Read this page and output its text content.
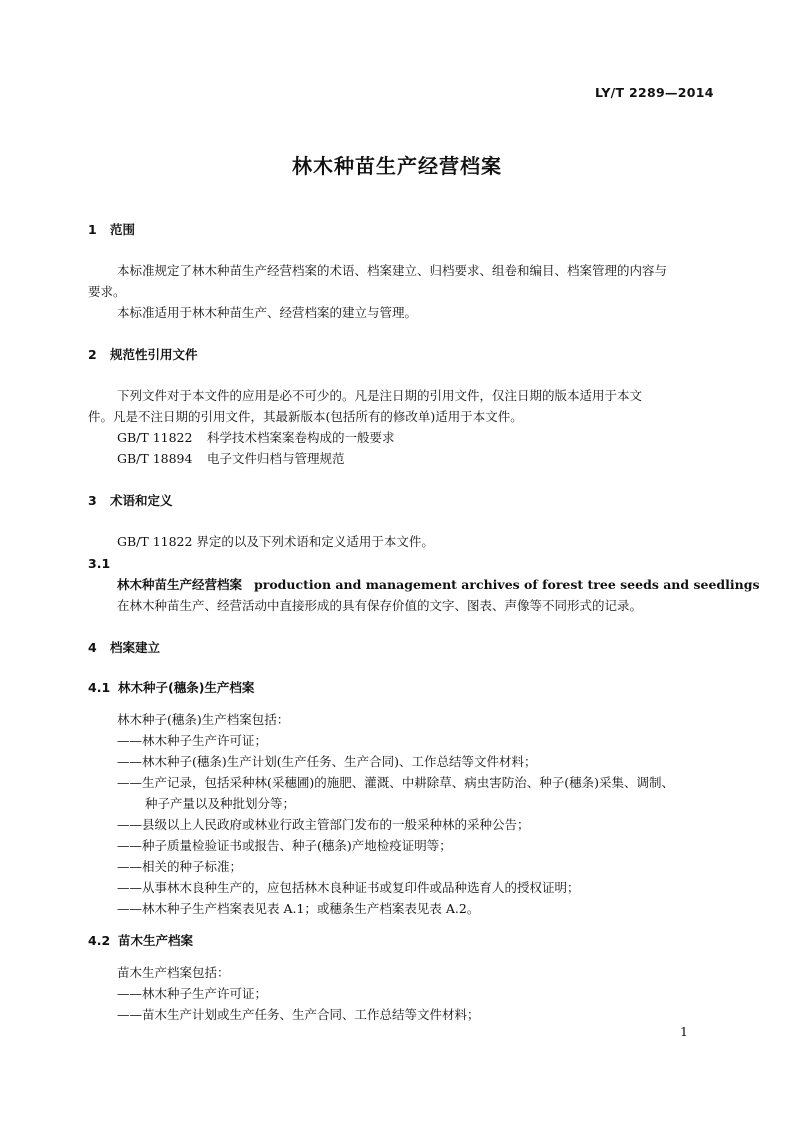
LY/T 2289—2014
林木种苗生产经营档案
1 范围
本标准规定了林木种苗生产经营档案的术语、档案建立、归档要求、组卷和编目、档案管理的内容与
要求。
本标准适用于林木种苗生产、经营档案的建立与管理。
2 规范性引用文件
下列文件对于本文件的应用是必不可少的。凡是注日期的引用文件，仅注日期的版本适用于本文
件。凡是不注日期的引用文件，其最新版本(包括所有的修改单)适用于本文件。
GB/T 11822 科学技术档案案卷构成的一般要求
GB/T 18894 电子文件归档与管理规范
3 术语和定义
GB/T 11822 界定的以及下列术语和定义适用于本文件。
3.1
林木种苗生产经营档案 production and management archives of forest tree seeds and seedlings
在林木种苗生产、经营活动中直接形成的具有保存价值的文字、图表、声像等不同形式的记录。
4 档案建立
4.1 林木种子(穗条)生产档案
林木种子(穗条)生产档案包括：
——林木种子生产许可证；
——林木种子(穗条)生产计划(生产任务、生产合同)、工作总结等文件材料；
——生产记录，包括采种林(采穗圃)的施肥、灌溉、中耕除草、病虫害防治、种子(穗条)采集、调制、
种子产量以及种批划分等；
——县级以上人民政府或林业行政主管部门发布的一般采种林的采种公告；
——种子质量检验证书或报告、种子(穗条)产地检疫证明等；
——相关的种子标准；
——从事林木良种生产的，应包括林木良种证书或复印件或品种选育人的授权证明；
——林木种子生产档案表见表 A.1；或穗条生产档案表见表 A.2。
4.2 苗木生产档案
苗木生产档案包括：
——林木种子生产许可证；
——苗木生产计划或生产任务、生产合同、工作总结等文件材料；
1
